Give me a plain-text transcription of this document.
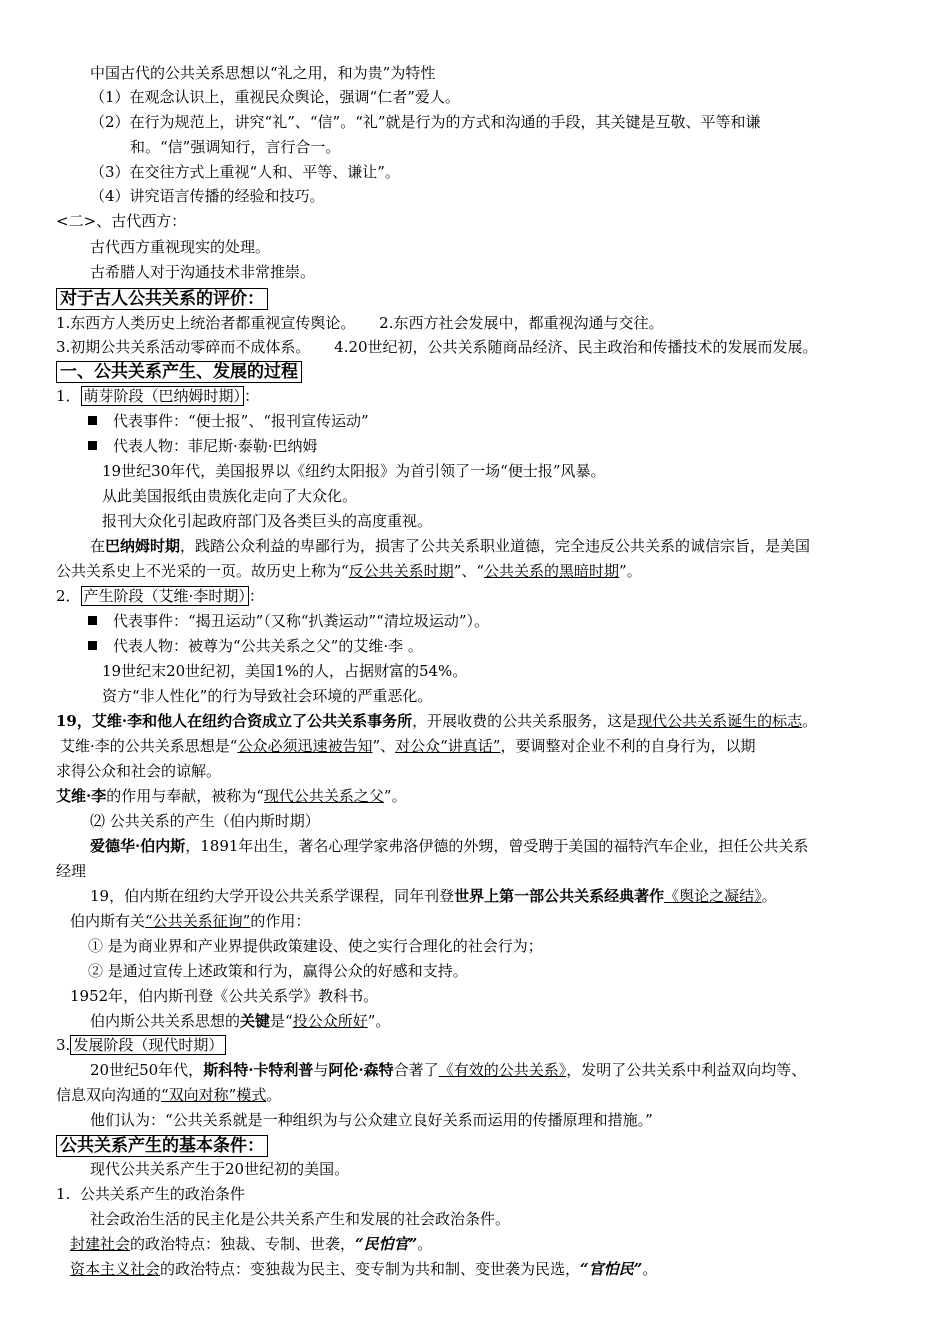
中国古代的公共关系思想以“礼之用，和为贵”为特性
（1）在观念认识上，重视民众舆论，强调“仁者”爱人。
（2）在行为规范上，讲究“礼”、“信”。“礼”就是行为的方式和沟通的手段，其关键是互敬、平等和谦
和。“信”强调知行，言行合一。
（3）在交往方式上重视“人和、平等、谦让”。
（4）讲究语言传播的经验和技巧。
<二>、古代西方：
古代西方重视现实的处理。
古希腊人对于沟通技术非常推崇。
对于古人公共关系的评价：
1.东西方人类历史上统治者都重视宣传舆论。     2.东西方社会发展中，都重视沟通与交往。
3.初期公共关系活动零碎而不成体系。     4.20世纪初，公共关系随商品经济、民主政治和传播技术的发展而发展。
一、公共关系产生、发展的过程
1． 萌芽阶段（巴纳姆时期） ：
代表事件：“便士报”、“报刊宣传运动”
代表人物：菲尼斯·泰勒·巴纳姆
19世纪30年代，美国报界以《纽约太阳报》为首引领了一场“便士报”风暴。
从此美国报纸由贵族化走向了大众化。
报刊大众化引起政府部门及各类巨头的高度重视。
在巴纳姆时期，践踏公众利益的卑鄙行为，损害了公共关系职业道德，完全违反公共关系的诚信宗旨，是美国
公共关系史上不光采的一页。故历史上称为“反公共关系时期”、“公共关系的黑暗时期”。
2． 产生阶段（艾维·李时期） ：
代表事件：“揭丑运动”（又称“扒粪运动”“清垃圾运动”）。
代表人物：被尊为“公共关系之父”的艾维·李 。
19世纪末20世纪初，美国1%的人，占据财富的54%。
资方“非人性化”的行为导致社会环境的严重恶化。
19，艾维·李和他人在纽约合资成立了公共关系事务所，开展收费的公共关系服务，这是现代公共关系诞生的标志。
艾维·李的公共关系思想是“公众必须迅速被告知”、对公众“讲真话”，要调整对企业不利的自身行为，以期
求得公众和社会的谅解。
艾维·李的作用与奉献，被称为“现代公共关系之父”。
⑵ 公共关系的产生（伯内斯时期）
爱德华·伯内斯，1891年出生，著名心理学家弗洛伊德的外甥，曾受聘于美国的福特汽车企业，担任公共关系
经理
19，伯内斯在纽约大学开设公共关系学课程，同年刊登世界上第一部公共关系经典著作《舆论之凝结》。
伯内斯有关“公共关系征询”的作用：
① 是为商业界和产业界提供政策建设、使之实行合理化的社会行为；
② 是通过宣传上述政策和行为，赢得公众的好感和支持。
1952年，伯内斯刊登《公共关系学》教科书。
伯内斯公共关系思想的关键是“投公众所好”。
3. 发展阶段（现代时期）
20世纪50年代，斯科特·卡特利普与阿伦·森特合著了《有效的公共关系》，发明了公共关系中利益双向均等、
信息双向沟通的“双向对称”模式。
他们认为：“公共关系就是一种组织为与公众建立良好关系而运用的传播原理和措施。”
公共关系产生的基本条件：
现代公共关系产生于20世纪初的美国。
1.  公共关系产生的政治条件
社会政治生活的民主化是公共关系产生和发展的社会政治条件。
封建社会的政治特点：独裁、专制、世袭，“民怕官”。
资本主义社会的政治特点：变独裁为民主、变专制为共和制、变世袭为民选，“官怕民”。
